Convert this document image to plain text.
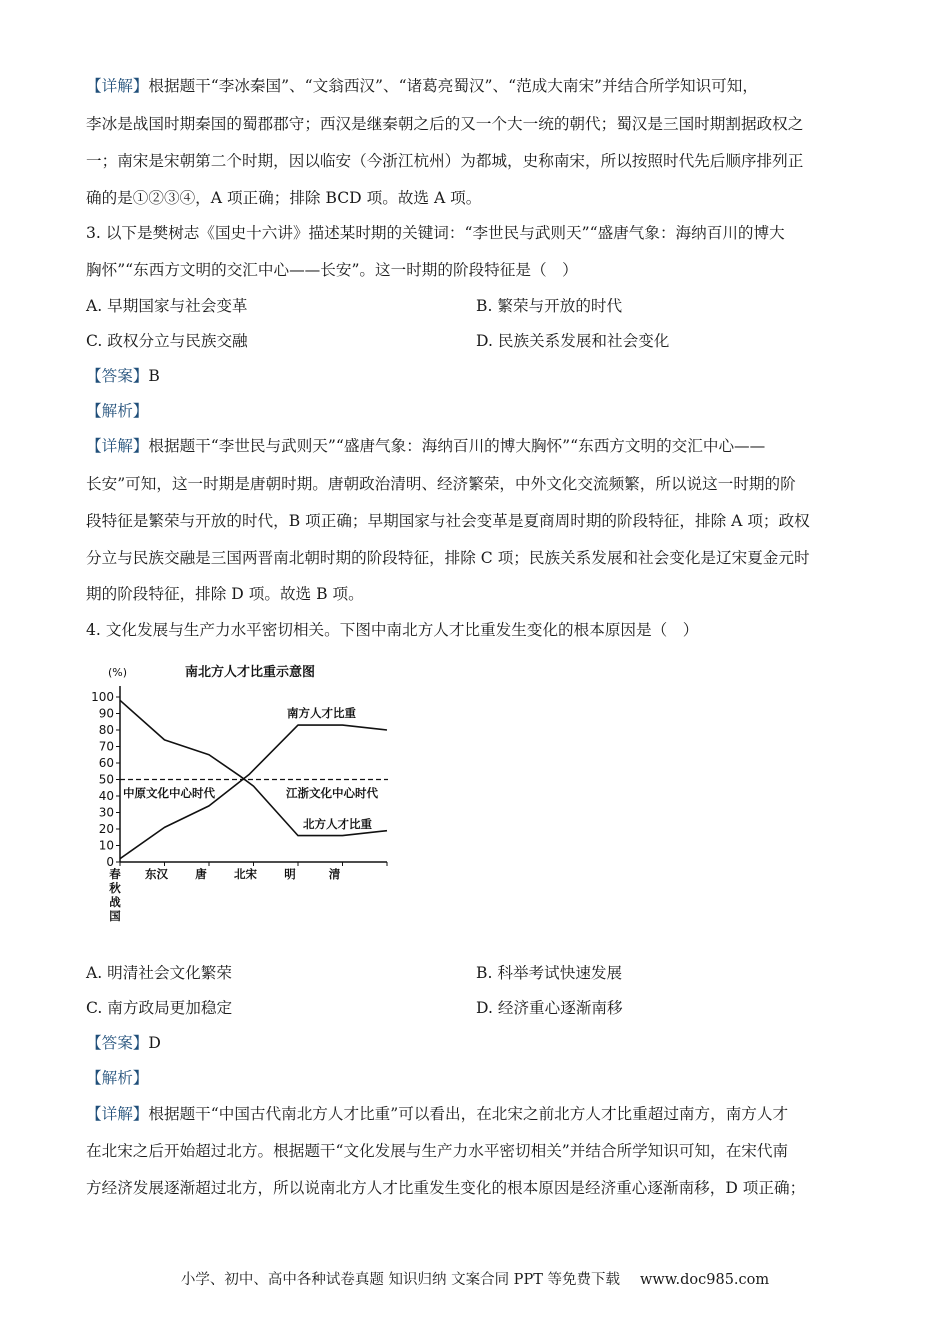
【详解】根据题干“李冰秦国”、“文翁西汉”、“诸葛亮蜀汉”、“范成大南宋”并结合所学知识可知，
李冰是战国时期秦国的蜀郡郡守；西汉是继秦朝之后的又一个大一统的朝代；蜀汉是三国时期割据政权之
一；南宋是宋朝第二个时期，因以临安（今浙江杭州）为都城，史称南宋，所以按照时代先后顺序排列正
确的是①②③④，A 项正确；排除 BCD 项。故选 A 项。
3. 以下是樊树志《国史十六讲》描述某时期的关键词：“李世民与武则天”“盛唐气象：海纳百川的博大
胸怀”“东西方文明的交汇中心——长安”。这一时期的阶段特征是（　）
A. 早期国家与社会变革	B. 繁荣与开放的时代
C. 政权分立与民族交融	D. 民族关系发展和社会变化
【答案】B
【解析】
【详解】根据题干“李世民与武则天”“盛唐气象：海纳百川的博大胸怀”“东西方文明的交汇中心——
长安”可知，这一时期是唐朝时期。唐朝政治清明、经济繁荣，中外文化交流频繁，所以说这一时期的阶
段特征是繁荣与开放的时代，B 项正确；早期国家与社会变革是夏商周时期的阶段特征，排除 A 项；政权
分立与民族交融是三国两晋南北朝时期的阶段特征，排除 C 项；民族关系发展和社会变化是辽宋夏金元时
期的阶段特征，排除 D 项。故选 B 项。
4. 文化发展与生产力水平密切相关。下图中南北方人才比重发生变化的根本原因是（　）
南北方人才比重示意图
(%)
0
10
20
30
40
50
60
70
80
90
100
春秋战国
东汉 唐 北宋 明	清
中原文化中心时代	江浙文化中心时代
南方人才比重
北方人才比重
A. 明清社会文化繁荣	B. 科举考试快速发展
C. 南方政局更加稳定	D. 经济重心逐渐南移
【答案】D
【解析】
【详解】根据题干“中国古代南北方人才比重”可以看出，在北宋之前北方人才比重超过南方，南方人才
在北宋之后开始超过北方。根据题干“文化发展与生产力水平密切相关”并结合所学知识可知，在宋代南
方经济发展逐渐超过北方，所以说南北方人才比重发生变化的根本原因是经济重心逐渐南移，D 项正确；
小学、初中、高中各种试卷真题 知识归纳 文案合同 PPT 等免费下载 www.doc985.com
